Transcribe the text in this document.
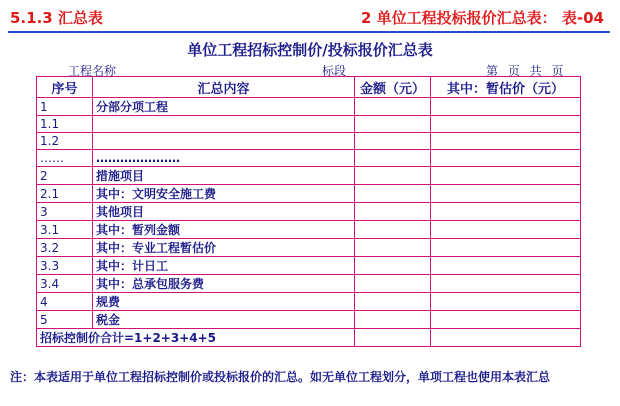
5.1.3 汇总表	2 单位工程投标报价汇总表： 表-04
单位工程招标控制价/投标报价汇总表
工程名称	标段	第 页 共 页
序号	汇总内容	金额（元）	其中：暂估价（元）
1	分部分项工程		
1.1			
1.2			
……	…………………		
2	措施项目		
2.1	其中：文明安全施工费		
3	其他项目		
3.1	其中：暂列金额		
3.2	其中：专业工程暂估价		
3.3	其中：计日工		
3.4	其中：总承包服务费		
4	规费		
5	税金		
招标控制价合计=1+2+3+4+5			
注：本表适用于单位工程招标控制价或投标报价的汇总。如无单位工程划分，单项工程也使用本表汇总
